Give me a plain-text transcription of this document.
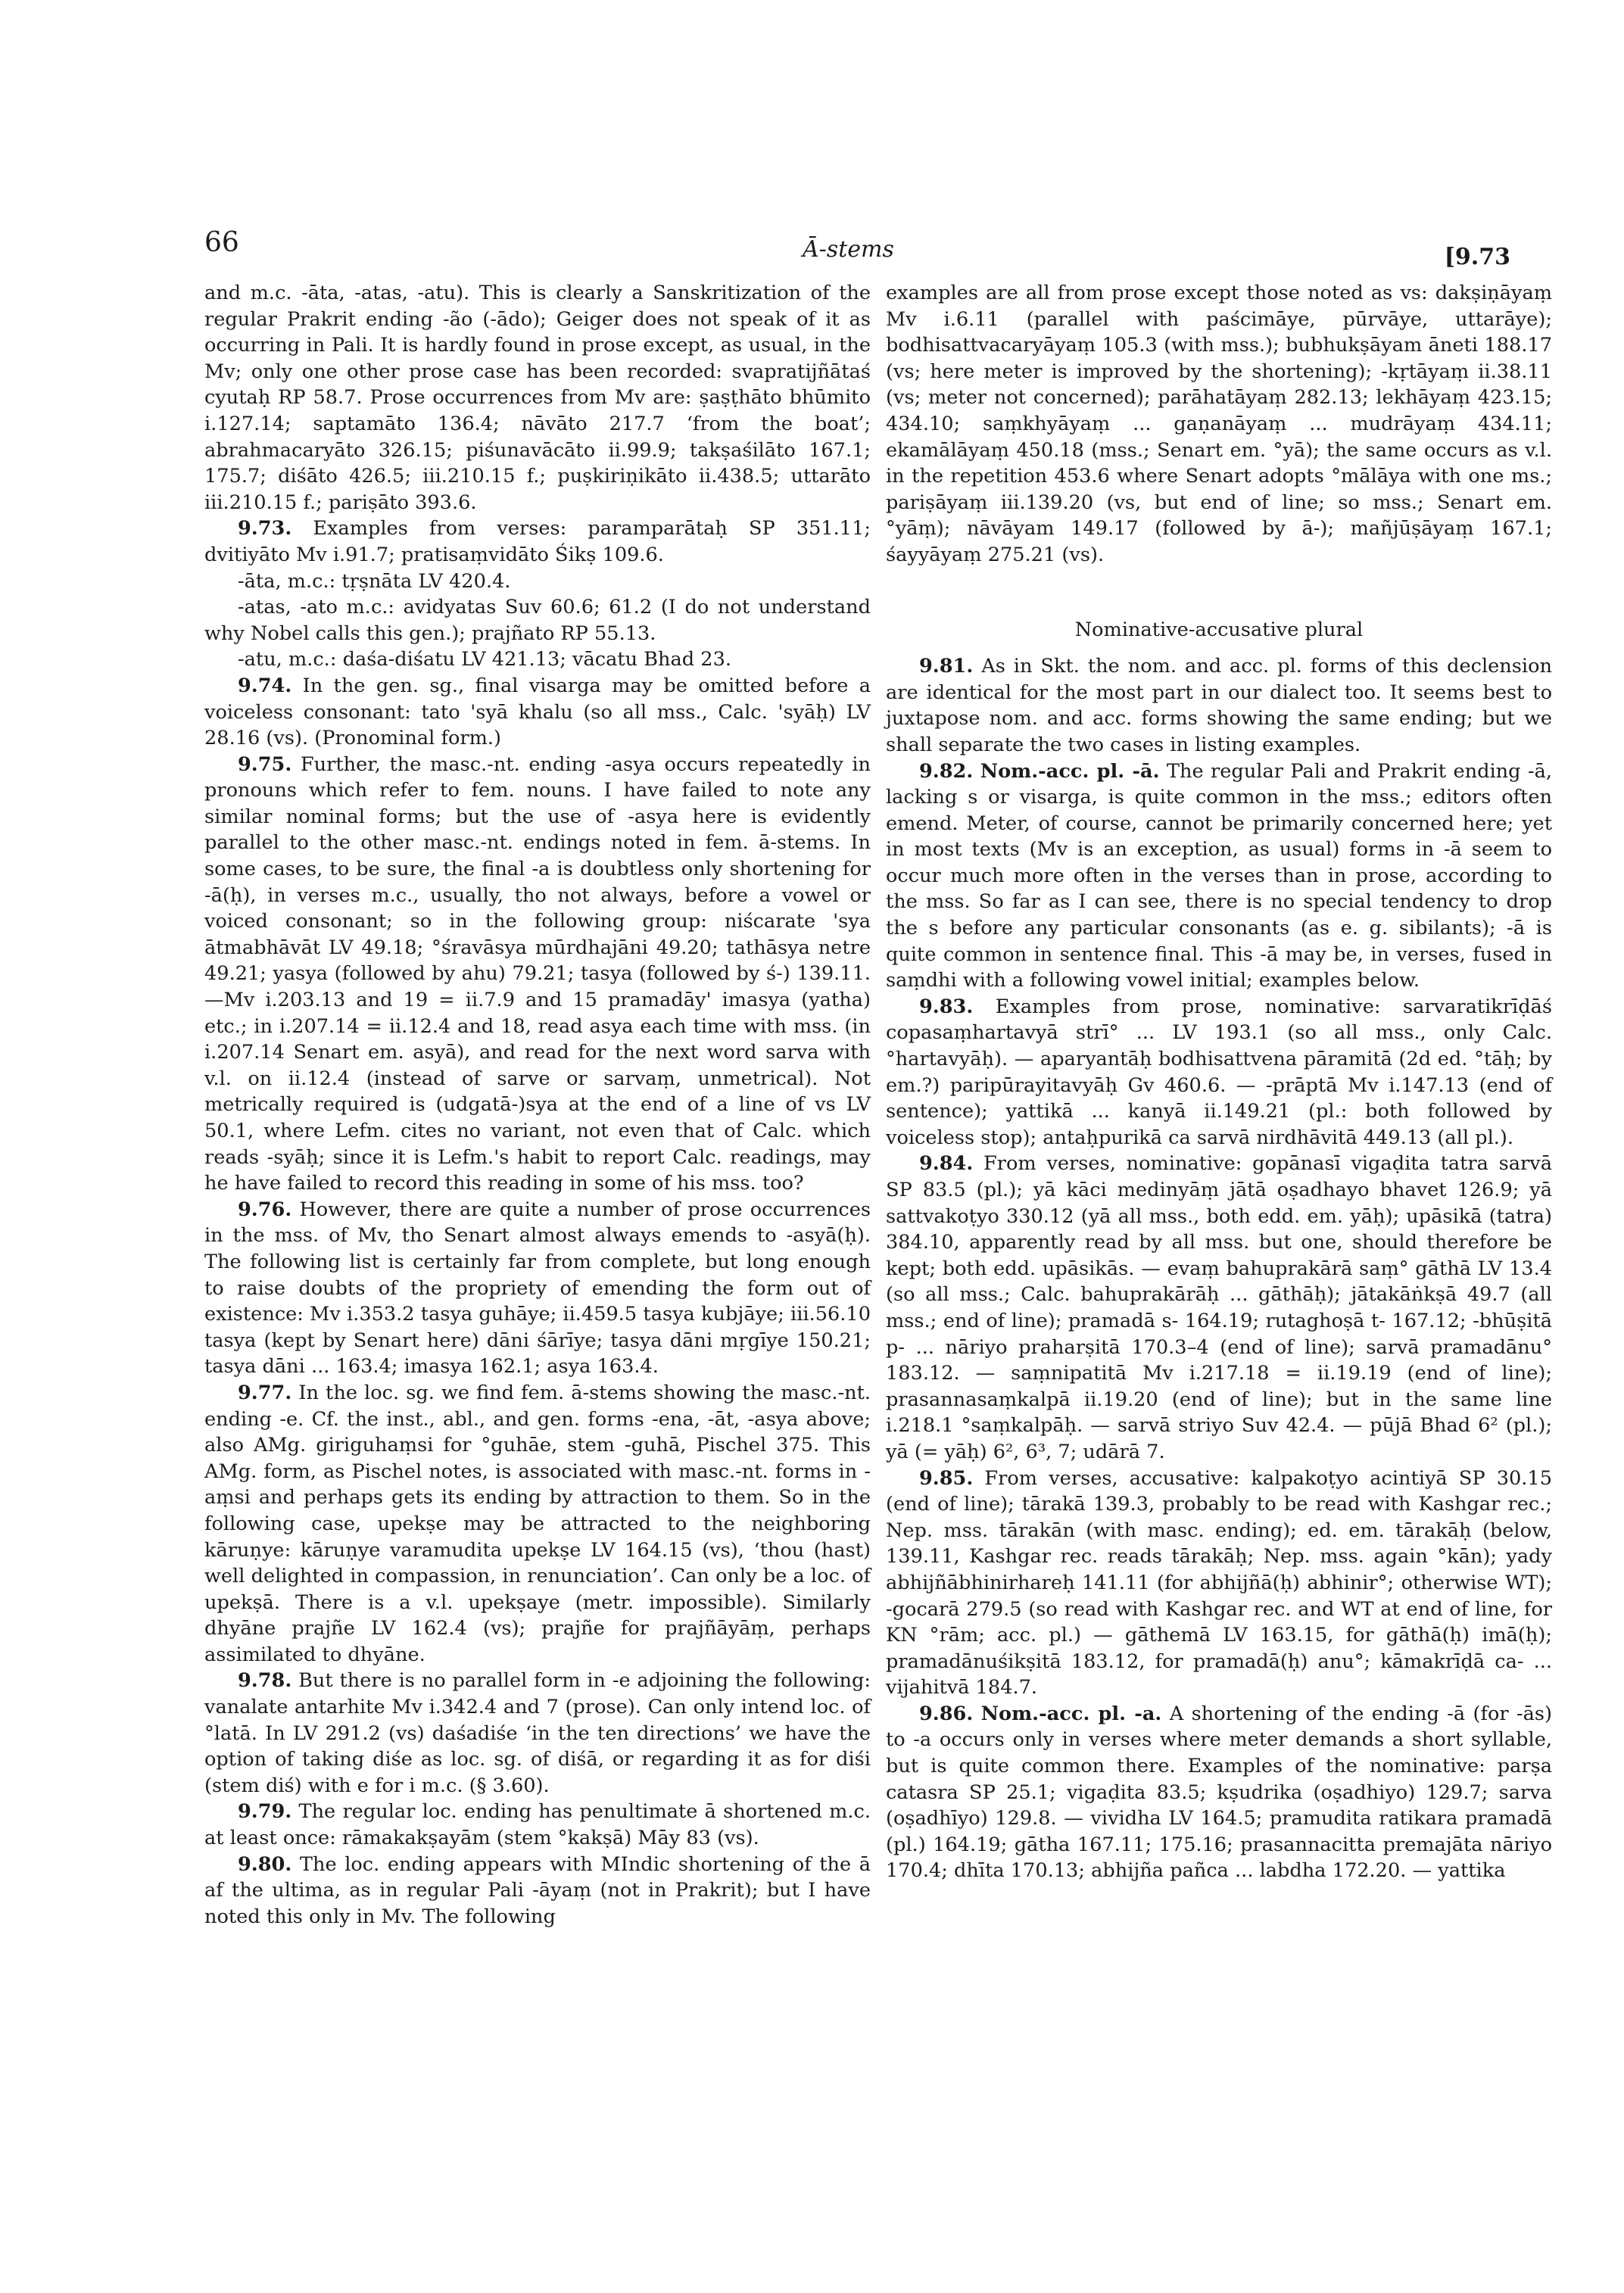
66	Ā-stems	[9.73

and m.c. -āta, -atas, -atu). This is clearly a Sanskritization of the regular Prakrit ending -ão (-ādo); Geiger does not speak of it as occurring in Pali. It is hardly found in prose except, as usual, in the Mv; only one other prose case has been recorded: svapratijñātaś cyutaḥ RP 58.7. Prose occurrences from Mv are: ṣaṣṭhāto bhūmito i.127.14; saptamāto 136.4; nāvāto 217.7 ‘from the boat’; abrahmacaryāto 326.15; piśunavācāto ii.99.9; takṣaśilāto 167.1; 175.7; diśāto 426.5; iii.210.15 f.; puṣkiriṇikāto ii.438.5; uttarāto iii.210.15 f.; pariṣāto 393.6.

9.73. Examples from verses: paramparātaḥ SP 351.11; dvitiyāto Mv i.91.7; pratisaṃvidāto Śikṣ 109.6.

-āta, m.c.: tṛṣnāta LV 420.4.

-atas, -ato m.c.: avidyatas Suv 60.6; 61.2 (I do not understand why Nobel calls this gen.); prajñato RP 55.13.

-atu, m.c.: daśa-diśatu LV 421.13; vācatu Bhad 23.

9.74. In the gen. sg., final visarga may be omitted before a voiceless consonant: tato 'syā khalu (so all mss., Calc. 'syāḥ) LV 28.16 (vs). (Pronominal form.)

9.75. Further, the masc.-nt. ending -asya occurs repeatedly in pronouns which refer to fem. nouns. I have failed to note any similar nominal forms; but the use of -asya here is evidently parallel to the other masc.-nt. endings noted in fem. ā-stems. In some cases, to be sure, the final -a is doubtless only shortening for -ā(ḥ), in verses m.c., usually, tho not always, before a vowel or voiced consonant; so in the following group: niścarate 'sya ātmabhāvāt LV 49.18; °śravāsya mūrdhajāni 49.20; tathāsya netre 49.21; yasya (followed by ahu) 79.21; tasya (followed by ś-) 139.11.—Mv i.203.13 and 19 = ii.7.9 and 15 pramadāy' imasya (yatha) etc.; in i.207.14 = ii.12.4 and 18, read asya each time with mss. (in i.207.14 Senart em. asyā), and read for the next word sarva with v.l. on ii.12.4 (instead of sarve or sarvaṃ, unmetrical). Not metrically required is (udgatā-)sya at the end of a line of vs LV 50.1, where Lefm. cites no variant, not even that of Calc. which reads -syāḥ; since it is Lefm.'s habit to report Calc. readings, may he have failed to record this reading in some of his mss. too?

9.76. However, there are quite a number of prose occurrences in the mss. of Mv, tho Senart almost always emends to -asyā(ḥ). The following list is certainly far from complete, but long enough to raise doubts of the propriety of emending the form out of existence: Mv i.353.2 tasya guhāye; ii.459.5 tasya kubjāye; iii.56.10 tasya (kept by Senart here) dāni śārīye; tasya dāni mṛgīye 150.21; tasya dāni ... 163.4; imasya 162.1; asya 163.4.

9.77. In the loc. sg. we find fem. ā-stems showing the masc.-nt. ending -e. Cf. the inst., abl., and gen. forms -ena, -āt, -asya above; also AMg. giriguhaṃsi for °guhāe, stem -guhā, Pischel 375. This AMg. form, as Pischel notes, is associated with masc.-nt. forms in -aṃsi and perhaps gets its ending by attraction to them. So in the following case, upekṣe may be attracted to the neighboring kāruṇye: kāruṇye varamudita upekṣe LV 164.15 (vs), ‘thou (hast) well delighted in compassion, in renunciation’. Can only be a loc. of upekṣā. There is a v.l. upekṣaye (metr. impossible). Similarly dhyāne prajñe LV 162.4 (vs); prajñe for prajñāyāṃ, perhaps assimilated to dhyāne.

9.78. But there is no parallel form in -e adjoining the following: vanalate antarhite Mv i.342.4 and 7 (prose). Can only intend loc. of °latā. In LV 291.2 (vs) daśadiśe ‘in the ten directions’ we have the option of taking diśe as loc. sg. of diśā, or regarding it as for diśi (stem diś) with e for i m.c. (§ 3.60).

9.79. The regular loc. ending has penultimate ā shortened m.c. at least once: rāmakakṣayām (stem °kakṣā) Māy 83 (vs).

9.80. The loc. ending appears with MIndic shortening of the ā af the ultima, as in regular Pali -āyaṃ (not in Prakrit); but I have noted this only in Mv. The following

examples are all from prose except those noted as vs: dakṣiṇāyaṃ Mv i.6.11 (parallel with paścimāye, pūrvāye, uttarāye); bodhisattvacaryāyaṃ 105.3 (with mss.); bubhukṣāyam āneti 188.17 (vs; here meter is improved by the shortening); -kṛtāyaṃ ii.38.11 (vs; meter not concerned); parāhatāyaṃ 282.13; lekhāyaṃ 423.15; 434.10; saṃkhyāyaṃ ... gaṇanāyaṃ ... mudrāyaṃ 434.11; ekamālāyaṃ 450.18 (mss.; Senart em. °yā); the same occurs as v.l. in the repetition 453.6 where Senart adopts °mālāya with one ms.; pariṣāyaṃ iii.139.20 (vs, but end of line; so mss.; Senart em. °yāṃ); nāvāyam 149.17 (followed by ā-); mañjūṣāyaṃ 167.1; śayyāyaṃ 275.21 (vs).

Nominative-accusative plural

9.81. As in Skt. the nom. and acc. pl. forms of this declension are identical for the most part in our dialect too. It seems best to juxtapose nom. and acc. forms showing the same ending; but we shall separate the two cases in listing examples.

9.82. Nom.-acc. pl. -ā. The regular Pali and Prakrit ending -ā, lacking s or visarga, is quite common in the mss.; editors often emend. Meter, of course, cannot be primarily concerned here; yet in most texts (Mv is an exception, as usual) forms in -ā seem to occur much more often in the verses than in prose, according to the mss. So far as I can see, there is no special tendency to drop the s before any particular consonants (as e. g. sibilants); -ā is quite common in sentence final. This -ā may be, in verses, fused in saṃdhi with a following vowel initial; examples below.

9.83. Examples from prose, nominative: sarvaratikrīḍāś copasaṃhartavyā strī° ... LV 193.1 (so all mss., only Calc. °hartavyāḥ). — aparyantāḥ bodhisattvena pāramitā (2d ed. °tāḥ; by em.?) paripūrayitavyāḥ Gv 460.6. — -prāptā Mv i.147.13 (end of sentence); yattikā ... kanyā ii.149.21 (pl.: both followed by voiceless stop); antaḥpurikā ca sarvā nirdhāvitā 449.13 (all pl.).

9.84. From verses, nominative: gopānasī vigaḍita tatra sarvā SP 83.5 (pl.); yā kāci medinyāṃ jātā oṣadhayo bhavet 126.9; yā sattvakoṭyo 330.12 (yā all mss., both edd. em. yāḥ); upāsikā (tatra) 384.10, apparently read by all mss. but one, should therefore be kept; both edd. upāsikās. — evaṃ bahuprakārā saṃ° gāthā LV 13.4 (so all mss.; Calc. bahuprakārāḥ ... gāthāḥ); jātakāṅkṣā 49.7 (all mss.; end of line); pramadā s- 164.19; rutaghoṣā t- 167.12; -bhūṣitā p- ... nāriyo praharṣitā 170.3–4 (end of line); sarvā pramadānu° 183.12. — saṃnipatitā Mv i.217.18 = ii.19.19 (end of line); prasannasaṃkalpā ii.19.20 (end of line); but in the same line i.218.1 °saṃkalpāḥ. — sarvā striyo Suv 42.4. — pūjā Bhad 6² (pl.); yā (= yāḥ) 6², 6³, 7; udārā 7.

9.85. From verses, accusative: kalpakoṭyo acintiyā SP 30.15 (end of line); tārakā 139.3, probably to be read with Kashgar rec.; Nep. mss. tārakān (with masc. ending); ed. em. tārakāḥ (below, 139.11, Kashgar rec. reads tārakāḥ; Nep. mss. again °kān); yady abhijñābhinirhareḥ 141.11 (for abhijñā(ḥ) abhinir°; otherwise WT); -gocarā 279.5 (so read with Kashgar rec. and WT at end of line, for KN °rām; acc. pl.) — gāthemā LV 163.15, for gāthā(ḥ) imā(ḥ); pramadānuśikṣitā 183.12, for pramadā(ḥ) anu°; kāmakrīḍā ca- ... vijahitvā 184.7.

9.86. Nom.-acc. pl. -a. A shortening of the ending -ā (for -ās) to -a occurs only in verses where meter demands a short syllable, but is quite common there. Examples of the nominative: parṣa catasra SP 25.1; vigaḍita 83.5; kṣudrika (oṣadhiyo) 129.7; sarva (oṣadhīyo) 129.8. — vividha LV 164.5; pramudita ratikara pramadā (pl.) 164.19; gātha 167.11; 175.16; prasannacitta premajāta nāriyo 170.4; dhīta 170.13; abhijña pañca ... labdha 172.20. — yattika
